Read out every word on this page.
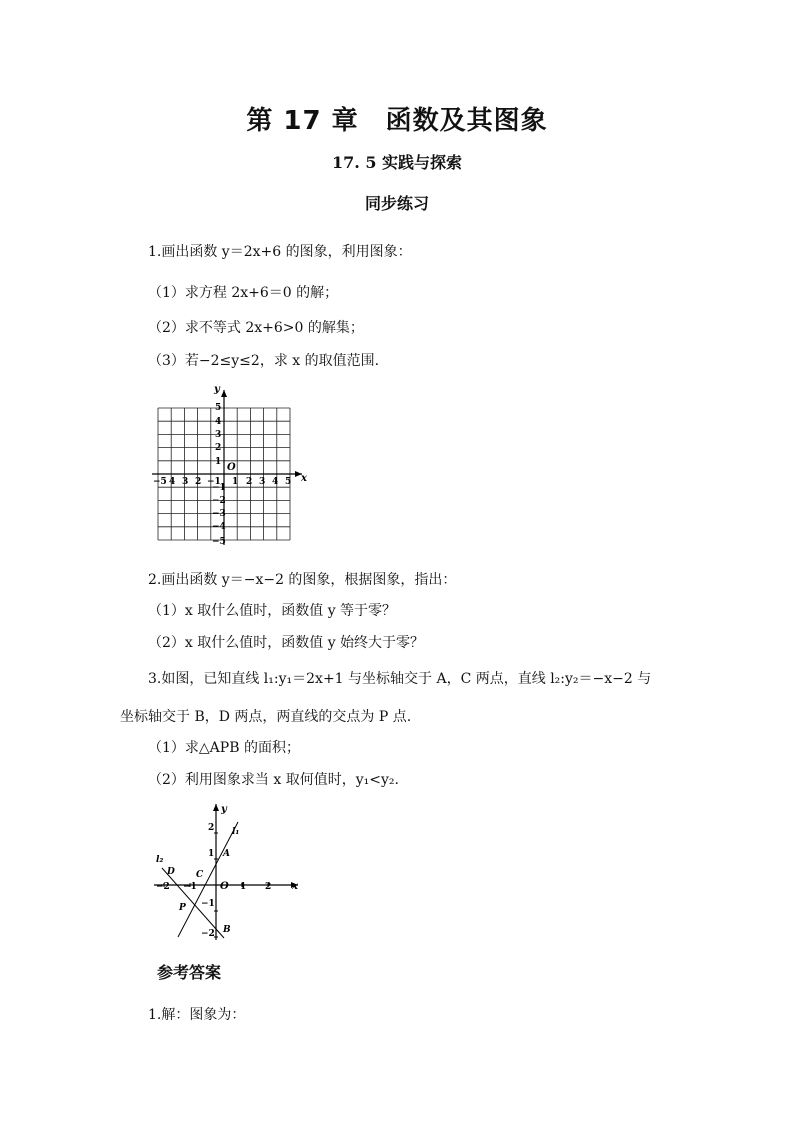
第 17 章　函数及其图象
17. 5 实践与探索
同步练习
1.画出函数 y＝2x+6 的图象，利用图象：
（1）求方程 2x+6＝0 的解；
（2）求不等式 2x+6>0 的解集；
（3）若−2≤y≤2，求 x 的取值范围.
x
y
O
−5 4 3 2 −1 1 2 3 4 5
5
4
3
2
1
−1
−2
−3
−4
−5
2.画出函数 y＝−x−2 的图象，根据图象，指出：
（1）x 取什么值时，函数值 y 等于零？
（2）x 取什么值时，函数值 y 始终大于零？
3.如图，已知直线 l₁:y₁＝2x+1 与坐标轴交于 A，C 两点，直线 l₂:y₂＝−x−2 与
坐标轴交于 B，D 两点，两直线的交点为 P 点.
（1）求△APB 的面积；
（2）利用图象求当 x 取何值时，y₁<y₂.
x
y
O
−2 −1	1 2
2
1
−1
−2
l₁
l₂
A
B
C
D
P
参考答案
1.解：图象为：
